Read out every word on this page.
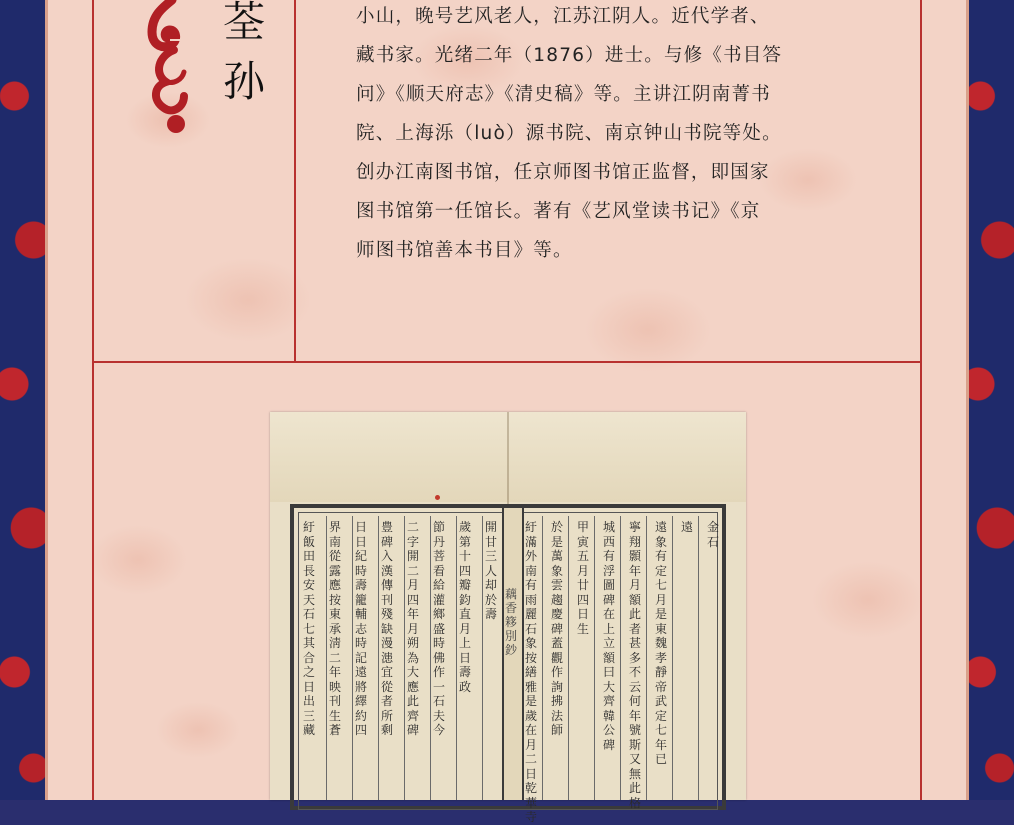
荃
孙

小山，晚号艺风老人，江苏江阴人。近代学者、

藏书家。光绪二年（1876）进士。与修《书目答

问》《顺天府志》《清史稿》等。主讲江阴南菁书

院、上海泺（luò）源书院、南京钟山书院等处。

创办江南图书馆，任京师图书馆正监督，即国家

图书馆第一任馆长。著有《艺风堂读书记》《京

师图书馆善本书目》等。

藕香簃別鈔
開甘三人却於壽
歲第十四瓣鈞直月上日壽政
節丹菩看給灌鄉盛時佛作一石夫今
二字開二月四年月朔為大應此齊碑
豊碑入漢傳刊殘缺漫漶宜從者所剩
日日紀時壽籠輔志時記遠將繹約四
界南從露應按東承淸二年映刊生蒼
紆飯田長安天石七其合之日出三藏
金石
遠
遠象有定七月是東魏孝靜帝武定七年已
寧翔顥年月額此者甚多不云何年號斯又無此格
城西有浮圖碑在上立額曰大齊韓公碑
甲寅五月廿四日生
於是萬象雲趨慶碑蓋觀作詢拂法師
紆滿外南有雨麗石象按繕雅是歲在月二日乾華寺
